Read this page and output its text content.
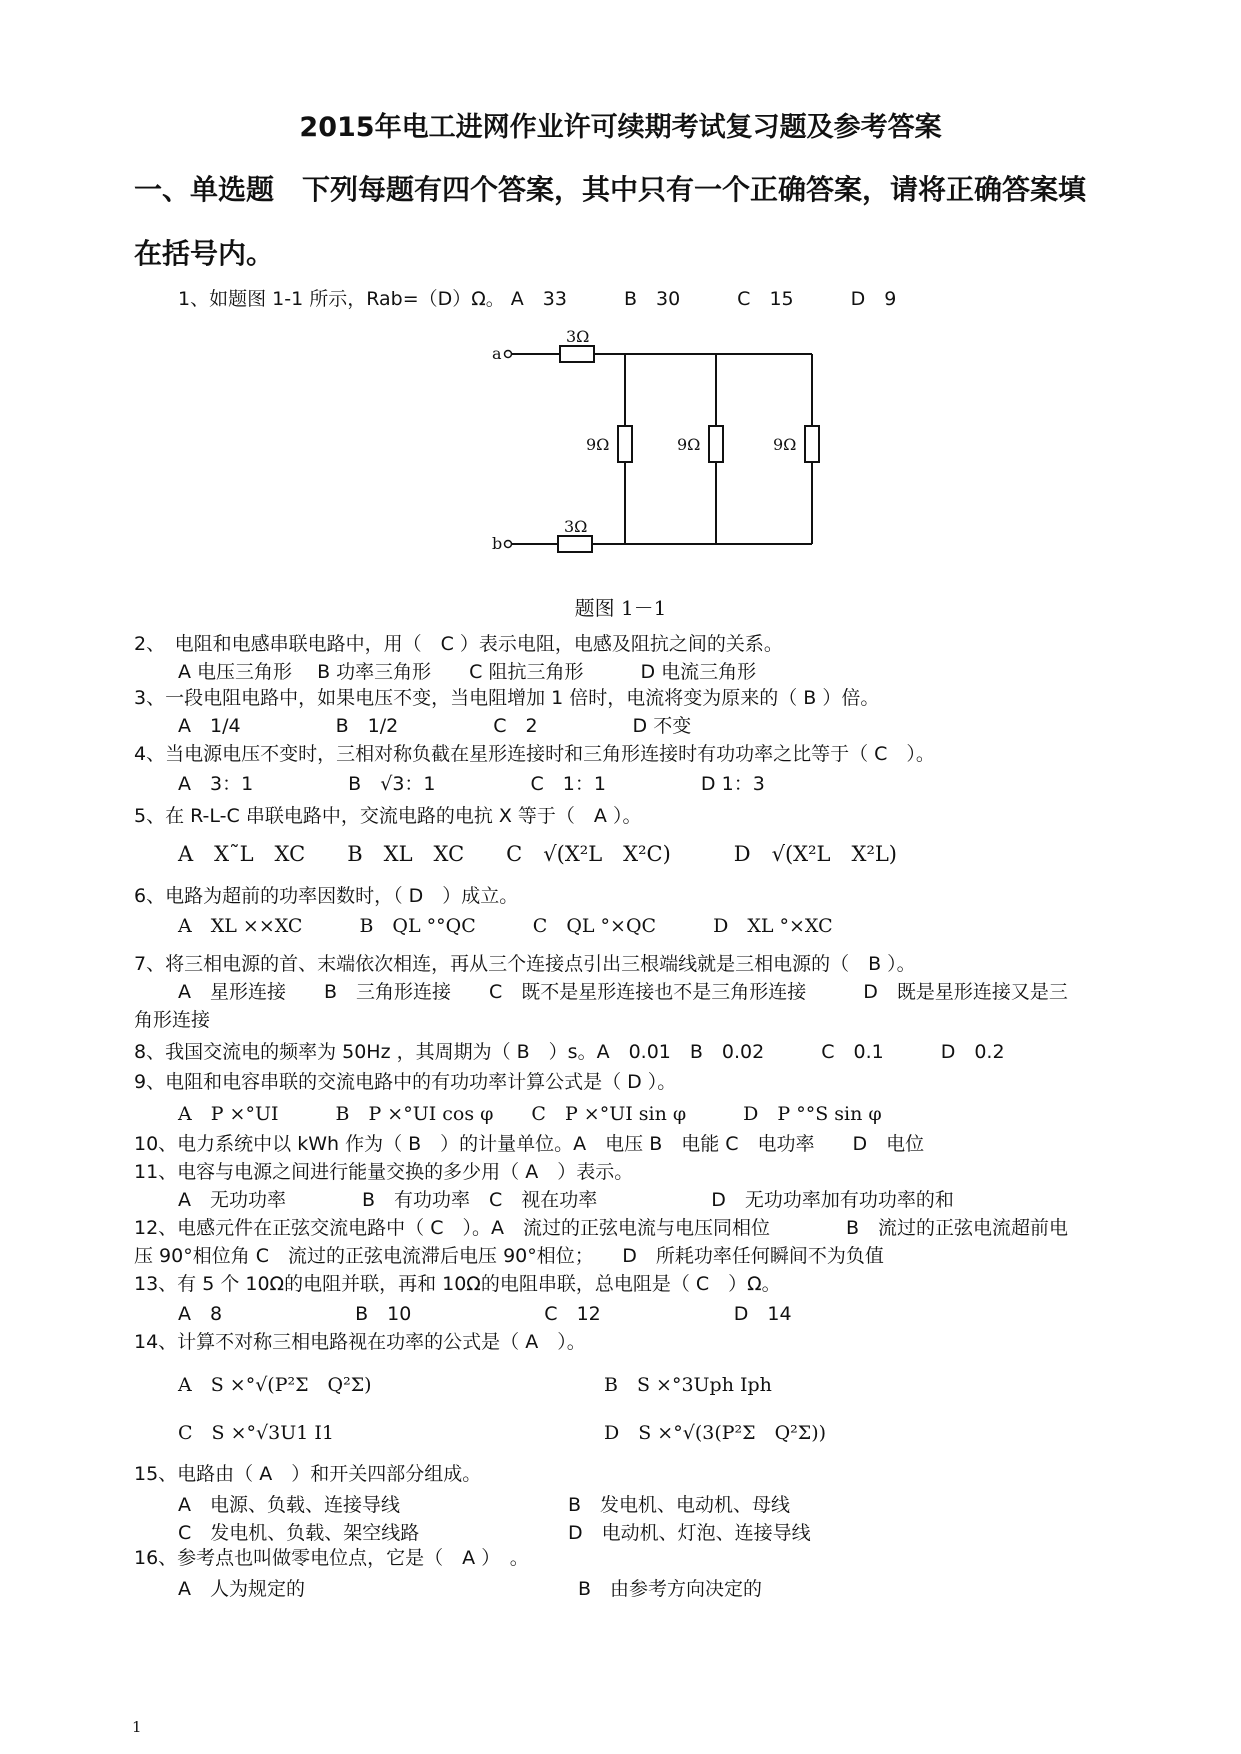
2015年电工进网作业许可续期考试复习题及参考答案
一、单选题　下列每题有四个答案，其中只有一个正确答案，请将正确答案填
在括号内。
1、如题图 1-1 所示，Rab=（D）Ω。 A　33　　　B　30　　　C　15　　　D　9
a
b
3Ω
3Ω
9Ω	9Ω	9Ω
题图 1－1
2、　电阻和电感串联电路中，用（　C ）表示电阻，电感及阻抗之间的关系。
A 电压三角形　 B 功率三角形　　C 阻抗三角形　　　D 电流三角形
3、一段电阻电路中，如果电压不变，当电阻增加 1 倍时，电流将变为原来的（ B ）倍。
A　1/4　　　　　B　1/2　　　　　C　2　　　　　D 不变
4、当电源电压不变时，三相对称负截在星形连接时和三角形连接时有功功率之比等于（ C　）。
A　3：1　　　　　B　√3：1　　　　　C　1：1　　　　　D 1：3
5、在 R-L-C 串联电路中，交流电路的电抗 X 等于（　A ）。
A　X˜L　XC　　B　XL　XC　　C　√(X²L　X²C)　　　D　√(X²L　X²L)
6、电路为超前的功率因数时，（ D　）成立。
A　XL ××XC　　　B　QL °°QC　　　C　QL °×QC　　　D　XL °×XC
7、将三相电源的首、末端依次相连，再从三个连接点引出三根端线就是三相电源的（　B ）。
A　星形连接　　B　三角形连接　　C　既不是星形连接也不是三角形连接　　　D　既是星形连接又是三
角形连接
8、我国交流电的频率为 50Hz ，其周期为（ B　）s。A　0.01　B　0.02　　　C　0.1　　　D　0.2
9、电阻和电容串联的交流电路中的有功功率计算公式是（ D ）。
A　P ×°UI　　　B　P ×°UI cos φ　　C　P ×°UI sin φ　　　D　P °°S sin φ
10、电力系统中以 kWh 作为（ B　）的计量单位。A　电压 B　电能 C　电功率　　D　电位
11、电容与电源之间进行能量交换的多少用（ A　）表示。
A　无功功率　　　　B　有功功率　C　视在功率　　　　　　D　无功功率加有功功率的和
12、电感元件在正弦交流电路中（ C　）。A　流过的正弦电流与电压同相位　　　　B　流过的正弦电流超前电
压 90°相位角 C　流过的正弦电流滞后电压 90°相位；　　D　所耗功率任何瞬间不为负值
13、有 5 个 10Ω的电阻并联，再和 10Ω的电阻串联，总电阻是（ C　）Ω。
A　8　　　　　　　B　10　　　　　　　C　12　　　　　　　D　14
14、计算不对称三相电路视在功率的公式是（ A　）。
A　S ×°√(P²Σ　Q²Σ)	B　S ×°3Uph Iph
C　S ×°√3U1 I1	D　S ×°√(3(P²Σ　Q²Σ))
15、电路由（ A　）和开关四部分组成。
A　电源、负载、连接导线	B　发电机、电动机、母线
C　发电机、负载、架空线路	D　电动机、灯泡、连接导线
16、参考点也叫做零电位点，它是（　A ）　。
A　人为规定的	B　由参考方向决定的
1
